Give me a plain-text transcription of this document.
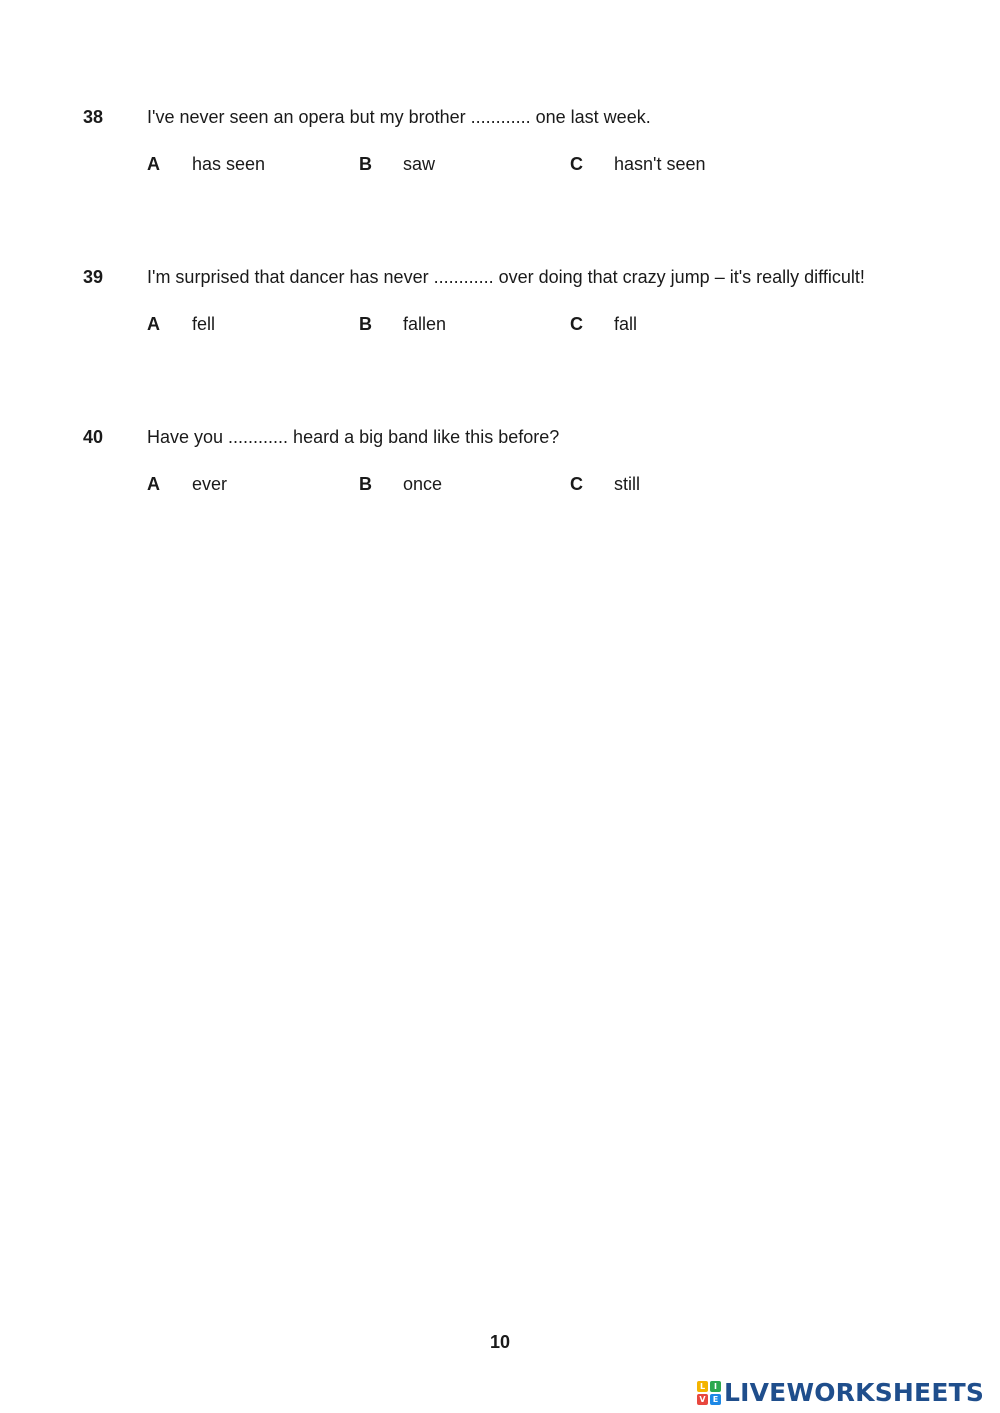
38 I've never seen an opera but my brother ............ one last week.
A has seen	B saw	C hasn't seen
39 I'm surprised that dancer has never ............ over doing that crazy jump – it's really difficult!
A fell	B fallen	C fall
40 Have you ............ heard a big band like this before?
A ever	B once	C still
10
L	I
V E LIVEWORKSHEETS
